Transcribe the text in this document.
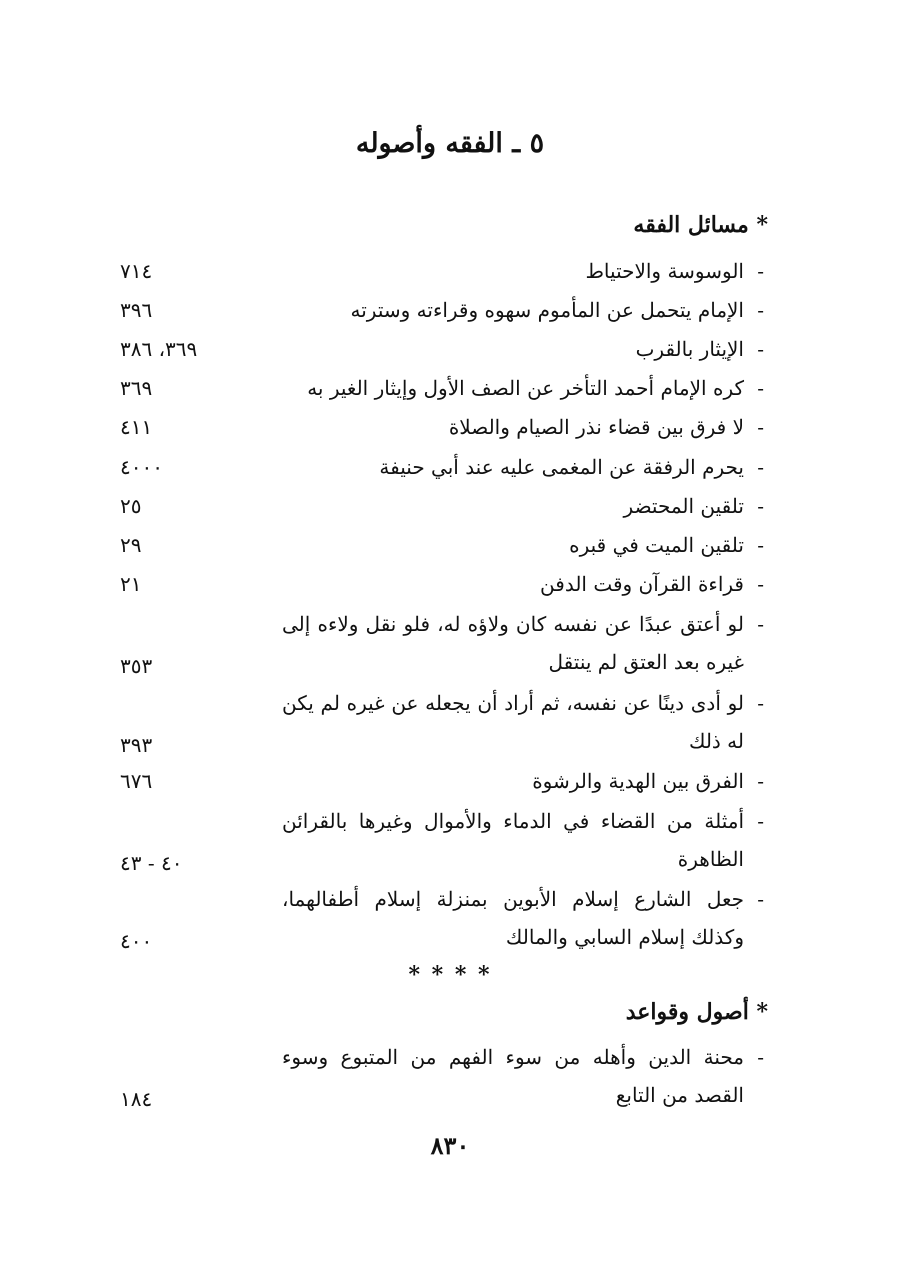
٥ ـ الفقه وأصوله
* مسائل الفقه
-
الوسوسة والاحتياط
٧١٤
-
الإمام يتحمل عن المأموم سهوه وقراءته وسترته
٣٩٦
-
الإيثار بالقرب
٣٦٩، ٣٨٦
-
كره الإمام أحمد التأخر عن الصف الأول وإيثار الغير به
٣٦٩
-
لا فرق بين قضاء نذر الصيام والصلاة
٤١١
-
يحرم الرفقة عن المغمى عليه عند أبي حنيفة
٤٠٠٠
-
تلقين المحتضر
٢٥
-
تلقين الميت في قبره
٢٩
-
قراءة القرآن وقت الدفن
٢١
-
لو أعتق عبدًا عن نفسه كان ولاؤه له، فلو نقل ولاءه إلى غيره بعد العتق لم ينتقل
٣٥٣
-
لو أدى دينًا عن نفسه، ثم أراد أن يجعله عن غيره لم يكن له ذلك
٣٩٣
-
الفرق بين الهدية والرشوة
٦٧٦
-
أمثلة من القضاء في الدماء والأموال وغيرها بالقرائن الظاهرة
٤٠ - ٤٣
-
جعل الشارع إسلام الأبوين بمنزلة إسلام أطفالهما، وكذلك إسلام السابي والمالك
٤٠٠
* * * *
* أصول وقواعد
-
محنة الدين وأهله من سوء الفهم من المتبوع وسوء القصد من التابع
١٨٤
٨٣٠
